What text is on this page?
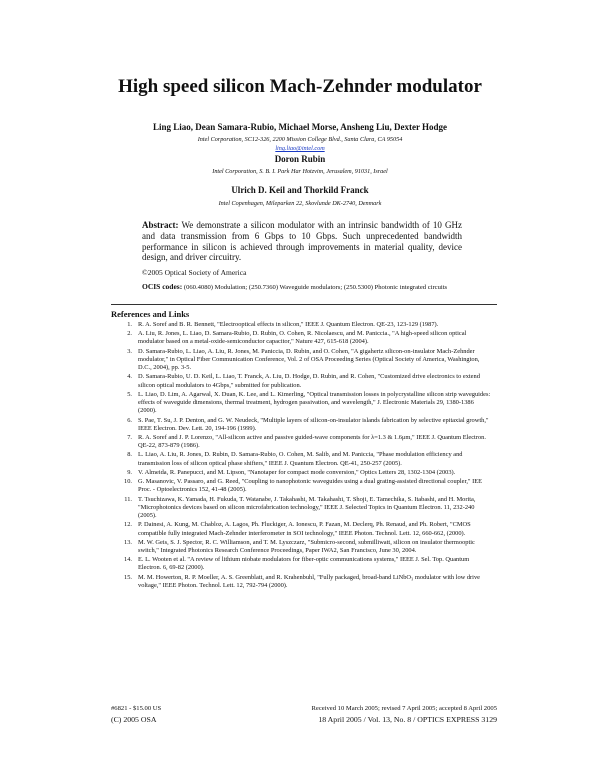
High speed silicon Mach-Zehnder modulator
Ling Liao, Dean Samara-Rubio, Michael Morse, Ansheng Liu, Dexter Hodge
Intel Corporation, SC12-326, 2200 Mission College Blvd., Santa Clara, CA 95054
ling.liao@intel.com
Doron Rubin
Intel Corporation, S. B. I. Park Har Hotzvim, Jerusalem, 91031, Israel
Ulrich D. Keil and Thorkild Franck
Intel Copenhagen, Mileparken 22, Skovlunde DK-2740, Denmark
Abstract: We demonstrate a silicon modulator with an intrinsic bandwidth of 10 GHz and data transmission from 6 Gbps to 10 Gbps. Such unprecedented bandwidth performance in silicon is achieved through improvements in material quality, device design, and driver circuitry.
©2005 Optical Society of America
OCIS codes: (060.4080) Modulation; (250.7360) Waveguide modulators; (250.5300) Photonic integrated circuits
References and Links
1. R. A. Soref and B. R. Bennett, "Electrooptical effects in silicon," IEEE J. Quantum Electron. QE-23, 123-129 (1987).
2. A. Liu, R. Jones, L. Liao, D. Samara-Rubio, D. Rubin, O. Cohen, R. Nicolaescu, and M. Paniccia., "A high-speed silicon optical modulator based on a metal-oxide-semiconductor capacitor," Nature 427, 615-618 (2004).
3. D. Samara-Rubio, L. Liao, A. Liu, R. Jones, M. Paniccia, D. Rubin, and O. Cohen, "A gigahertz silicon-on-insulator Mach-Zehnder modulator," in Optical Fiber Communication Conference, Vol. 2 of OSA Proceeding Series (Optical Society of America, Washington, D.C., 2004), pp. 3-5.
4. D. Samara-Rubio, U. D. Keil, L. Liao, T. Franck, A. Liu, D. Hodge, D. Rubin, and R. Cohen, "Customized drive electronics to extend silicon optical modulators to 4Gbps," submitted for publication.
5. L. Liao, D. Lim, A. Agarwal, X. Duan, K. Lee, and L. Kimerling, "Optical transmission losses in polycrystalline silicon strip waveguides: effects of waveguide dimensions, thermal treatment, hydrogen passivation, and wavelength," J. Electronic Materials 29, 1380-1386 (2000).
6. S. Pae, T. Su, J. P. Denton, and G. W. Neudeck, "Multiple layers of silicon-on-insulator islands fabrication by selective epitaxial growth," IEEE Electron. Dev. Lett. 20, 194-196 (1999).
7. R. A. Soref and J. P. Lorenzo, "All-silicon active and passive guided-wave components for λ=1.3 & 1.6μm," IEEE J. Quantum Electron. QE-22, 873-879 (1986).
8. L. Liao, A. Liu, R. Jones, D. Rubin, D. Samara-Rubio, O. Cohen, M. Salib, and M. Paniccia, "Phase modulation efficiency and transmission loss of silicon optical phase shifters," IEEE J. Quantum Electron. QE-41, 250-257 (2005).
9. V. Almeida, R. Panepucci, and M. Lipson, "Nanotaper for compact mode conversion," Optics Letters 28, 1302-1304 (2003).
10. G. Masanovic, V. Passaro, and G. Reed, "Coupling to nanophotonic waveguides using a dual grating-assisted directional coupler," IEE Proc. - Optoelectronics 152, 41-48 (2005).
11. T. Tsuchizawa, K. Yamada, H. Fukuda, T. Watanabe, J. Takahashi, M. Takahashi, T. Shoji, E. Tamechika, S. Itabashi, and H. Morita, "Microphotonics devices based on silicon microfabrication technology," IEEE J. Selected Topics in Quantum Electron. 11, 232-240 (2005).
12. P. Dainesi, A. Kung, M. Chabloz, A. Lagos, Ph. Fluckiger, A. Ionescu, P. Fazan, M. Declerq, Ph. Renaud, and Ph. Robert, "CMOS compatible fully integrated Mach-Zehnder interferometer in SOI technology," IEEE Photon. Technol. Lett. 12, 660-662, (2000).
13. M. W. Geis, S. J. Spector, R. C. Williamson, and T. M. Lyszczarz, "Submicro-second, submilliwatt, silicon on insulator thermooptic switch," Integrated Photonics Research Conference Proceedings, Paper IWA2, San Francisco, June 30, 2004.
14. E. L. Wooten et al. "A review of lithium niobate modulators for fiber-optic communications systems," IEEE J. Sel. Top. Quantum Electron. 6, 69-82 (2000).
15. M. M. Howerton, R. P. Moeller, A. S. Greenblatt, and R. Krahenbuhl, "Fully packaged, broad-band LiNbO₃ modulator with low drive voltage," IEEE Photon. Technol. Lett. 12, 792-794 (2000).
#6821 - $15.00 US
(C) 2005 OSA
Received 10 March 2005; revised 7 April 2005; accepted 8 April 2005
18 April 2005 / Vol. 13, No. 8 / OPTICS EXPRESS 3129
